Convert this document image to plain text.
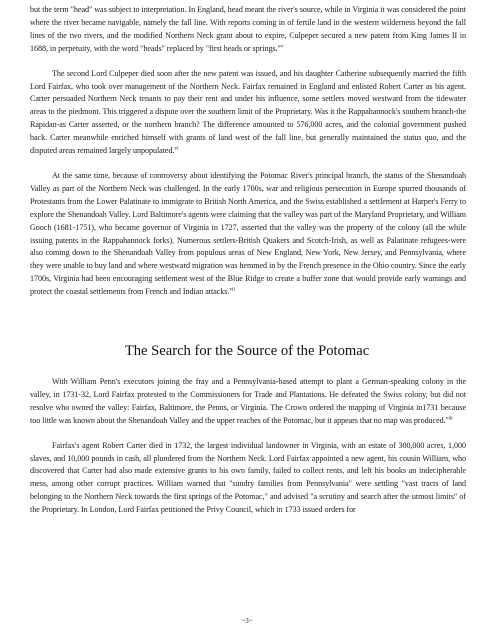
but the term "head" was subject to interpretation. In England, head meant the river's source, while in Virginia it was considered the point where the river became navigable, namely the fall line. With reports coming in of fertile land in the western wilderness beyond the fall lines of the two rivers, and the modified Northern Neck grant about to expire, Culpeper secured a new patent from King James II in 1688, in perpetuity, with the word "heads" replaced by "first heads or springs."$^v$

The second Lord Culpeper died soon after the new patent was issued, and his daughter Catherine subsequently married the fifth Lord Fairfax, who took over management of the Northern Neck. Fairfax remained in England and enlisted Robert Carter as his agent. Carter persuaded Northern Neck tenants to pay their rent and under his influence, some settlers moved westward from the tidewater areas to the piedmont. This triggered a dispute over the southern limit of the Proprietary. Was it the Rappahannock's southern branch-the Rapidan-as Carter asserted, or the northern branch? The difference amounted to 576,000 acres, and the colonial government pushed back. Carter meanwhile enriched himself with grants of land west of the fall line, but generally maintained the status quo, and the disputed areas remained largely unpopulated.$^{vi}$

At the same time, because of controversy about identifying the Potomac River's principal branch, the status of the Shenandoah Valley as part of the Northern Neck was challenged. In the early 1700s, war and religious persecution in Europe spurred thousands of Protestants from the Lower Palatinate to immigrate to British North America, and the Swiss established a settlement at Harper's Ferry to explore the Shenandoah Valley. Lord Baltimore's agents were claiming that the valley was part of the Maryland Proprietary, and William Gooch (1681-1751), who became governor of Virginia in 1727, asserted that the valley was the property of the colony (all the while issuing patents in the Rappahannock forks). Numerous settlers-British Quakers and Scotch-Irish, as well as Palatinate refugees-were also coming down to the Shenandoah Valley from populous areas of New England, New York, New Jersey, and Pennsylvania, where they were unable to buy land and where westward migration was hemmed in by the French presence in the Ohio country. Since the early 1700s, Virginia had been encouraging settlement west of the Blue Ridge to create a buffer zone that would provide early warnings and protect the coastal settlements from French and Indian attacks.$^{vii}$

The Search for the Source of the Potomac

With William Penn's executors joining the fray and a Pennsylvania-based attempt to plant a German-speaking colony in the valley, in 1731-32, Lord Fairfax protested to the Commissioners for Trade and Plantations. He defeated the Swiss colony, but did not resolve who owned the valley: Fairfax, Baltimore, the Penns, or Virginia. The Crown ordered the mapping of Virginia in1731 because too little was known about the Shenandoah Valley and the upper reaches of the Potomac, but it appears that no map was produced.$^{viii}$

Fairfax's agent Robert Carter died in 1732, the largest individual landowner in Virginia, with an estate of 300,000 acres, 1,000 slaves, and 10,000 pounds in cash, all plundered from the Northern Neck. Lord Fairfax appointed a new agent, his cousin William, who discovered that Carter had also made extensive grants to his own family, failed to collect rents, and left his books an indecipherable mess, among other corrupt practices. William warned that "sundry families from Pennsylvania" were settling "vast tracts of land belonging to the Northern Neck towards the first springs of the Potomac," and advised "a scrutiny and search after the utmost limits" of the Proprietary. In London, Lord Fairfax petitioned the Privy Council, which in 1733 issued orders for

~3~
